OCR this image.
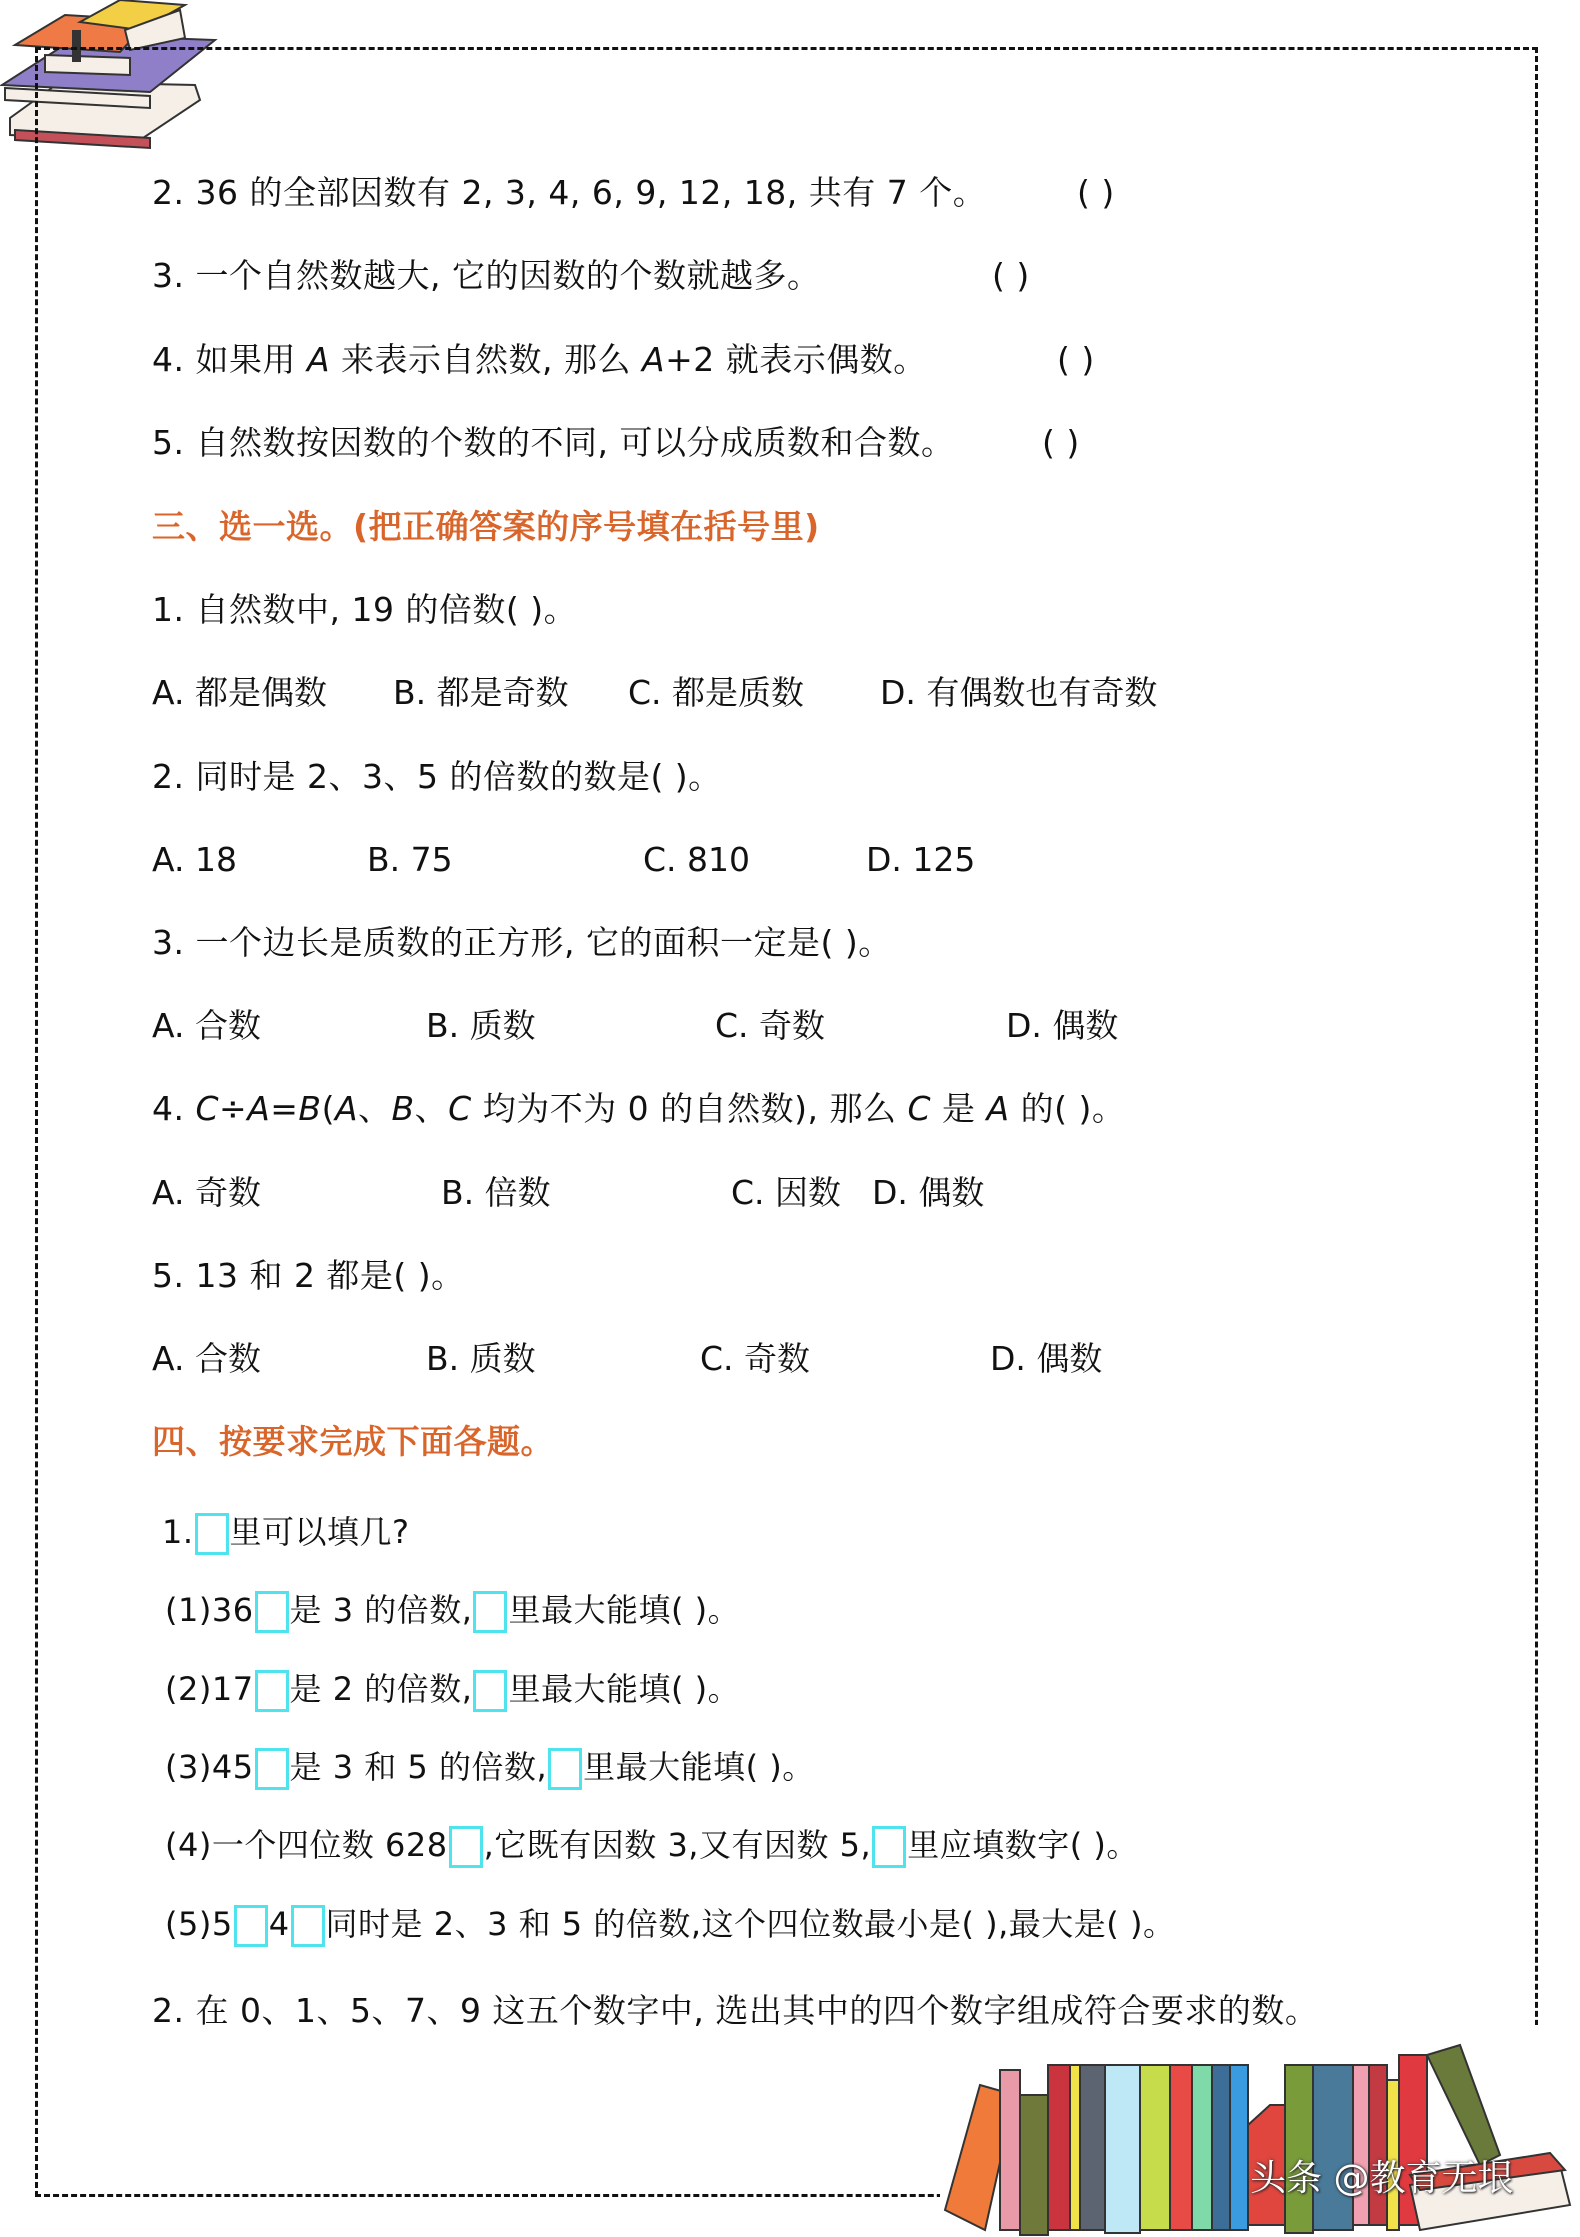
2. 36 的全部因数有 2, 3, 4, 6, 9, 12, 18, 共有 7 个。	( )
3. 一个自然数越大, 它的因数的个数就越多。	( )
4. 如果用 A 来表示自然数, 那么 A+2 就表示偶数。	( )
5. 自然数按因数的个数的不同, 可以分成质数和合数。	( )
三、选一选。(把正确答案的序号填在括号里)
1. 自然数中, 19 的倍数( )。
A. 都是偶数 B. 都是奇数 C. 都是质数 D. 有偶数也有奇数
2. 同时是 2、3、5 的倍数的数是( )。
A. 18	B. 75	C. 810	D. 125
3. 一个边长是质数的正方形, 它的面积一定是( )。
A. 合数	B. 质数	C. 奇数	D. 偶数
4. C÷A=B(A、B、C 均为不为 0 的自然数), 那么 C 是 A 的( )。
A. 奇数	B. 倍数	C. 因数 D. 偶数
5. 13 和 2 都是( )。
A. 合数	B. 质数	C. 奇数	D. 偶数
四、按要求完成下面各题。
1. 里可以填几?
(1)36 是 3 的倍数, 里最大能填( )。
(2)17 是 2 的倍数, 里最大能填( )。
(3)45 是 3 和 5 的倍数, 里最大能填( )。
(4)一个四位数 628 ,它既有因数 3,又有因数 5, 里应填数字( )。
(5)5 4 同时是 2、3 和 5 的倍数,这个四位数最小是( ),最大是( )。
2. 在 0、1、5、7、9 这五个数字中, 选出其中的四个数字组成符合要求的数。
头条 @教育无垠
